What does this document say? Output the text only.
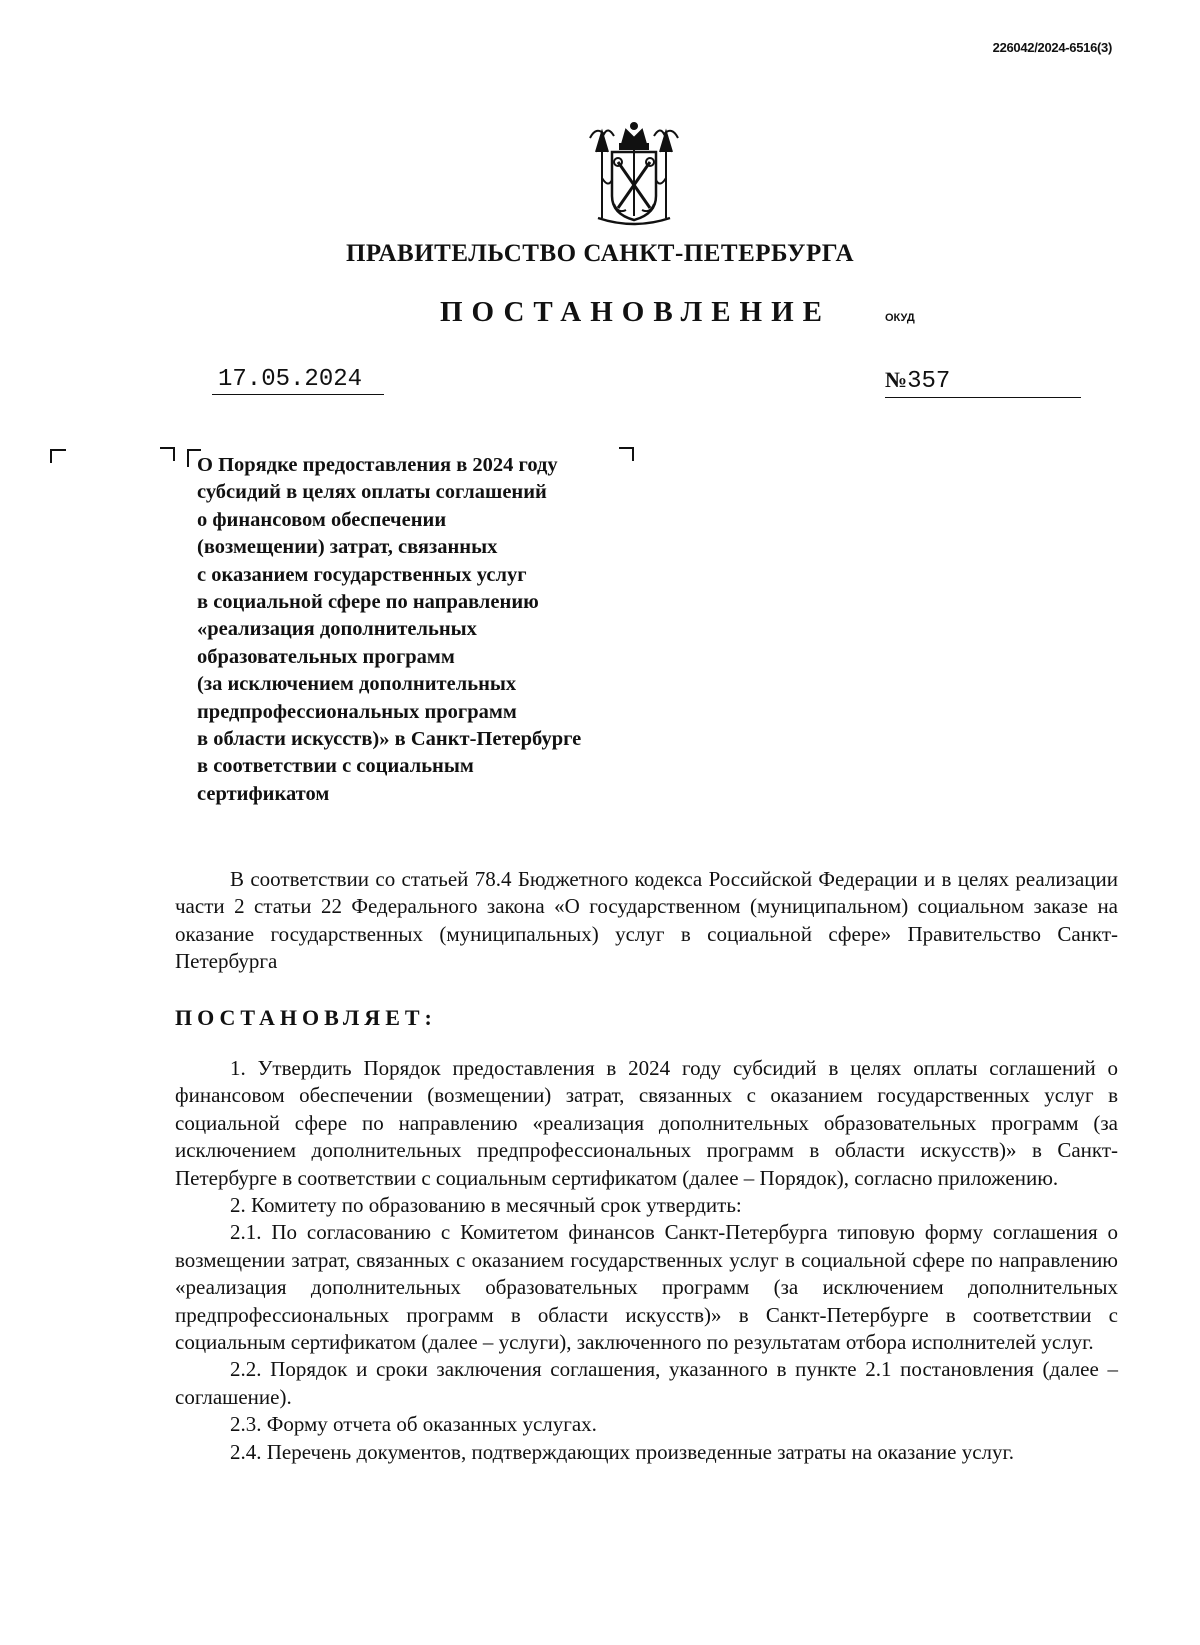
226042/2024-6516(3)
ПРАВИТЕЛЬСТВО САНКТ-ПЕТЕРБУРГА
ПОСТАНОВЛЕНИЕ	ОКУД
17.05.2024	№357
О Порядке предоставления в 2024 году
субсидий в целях оплаты соглашений
о финансовом обеспечении
(возмещении) затрат, связанных
с оказанием государственных услуг
в социальной сфере по направлению
«реализация дополнительных
образовательных программ
(за исключением дополнительных
предпрофессиональных программ
в области искусств)» в Санкт-Петербурге
в соответствии с социальным
сертификатом

В соответствии со статьей 78.4 Бюджетного кодекса Российской Федерации и в целях реализации части 2 статьи 22 Федерального закона «О государственном (муниципальном) социальном заказе на оказание государственных (муниципальных) услуг в социальной сфере» Правительство Санкт-Петербурга

ПОСТАНОВЛЯЕТ:

1. Утвердить Порядок предоставления в 2024 году субсидий в целях оплаты соглашений о финансовом обеспечении (возмещении) затрат, связанных с оказанием государственных услуг в социальной сфере по направлению «реализация дополнительных образовательных программ (за исключением дополнительных предпрофессиональных программ в области искусств)» в Санкт-Петербурге в соответствии с социальным сертификатом (далее – Порядок), согласно приложению.

2. Комитету по образованию в месячный срок утвердить:

2.1. По согласованию с Комитетом финансов Санкт-Петербурга типовую форму соглашения о возмещении затрат, связанных с оказанием государственных услуг в социальной сфере по направлению «реализация дополнительных образовательных программ (за исключением дополнительных предпрофессиональных программ в области искусств)» в Санкт-Петербурге в соответствии с социальным сертификатом (далее – услуги), заключенного по результатам отбора исполнителей услуг.

2.2. Порядок и сроки заключения соглашения, указанного в пункте 2.1 постановления (далее – соглашение).

2.3. Форму отчета об оказанных услугах.

2.4. Перечень документов, подтверждающих произведенные затраты на оказание услуг.
